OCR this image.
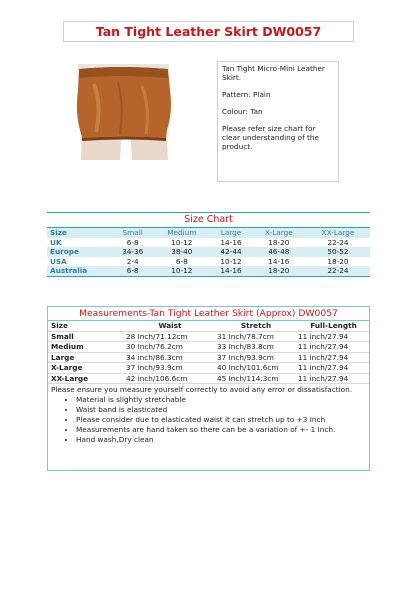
Tan Tight Leather Skirt DW0057

Tan Tight Micro-Mini Leather Skirt.

Pattern: Plain

Colour: Tan

Please refer size chart for clear understanding of the product.

Size Chart
Size	Small	Medium	Large	X-Large	XX-Large
UK	6-8	10-12	14-16	18-20	22-24
Europe	34-36	38-40	42-44	46-48	50-52
USA	2-4	6-8	10-12	14-16	18-20
Australia	6-8	10-12	14-16	18-20	22-24
Measurements-Tan Tight Leather Skirt (Approx) DW0057
Size	Waist	Stretch	Full-Length
Small	28 Inch/71.12cm	31 Inch/78.7cm	11 inch/27.94
Medium	30 Inch/76.2cm	33 Inch/83.8cm	11 inch/27.94
Large	34 inch/86.3cm	37 Inch/93.9cm	11 inch/27.94
X-Large	37 inch/93.9cm	40 Inch/101.6cm	11 inch/27.94
XX-Large	42 inch/106.6cm	45 Inch/114.3cm	11 inch/27.94
Please ensure you measure yourself correctly to avoid any error or dissatisfaction.
• Material is slightly stretchable
• Waist band is elasticated
• Please consider due to elasticated waist it can stretch up to +3 Inch
• Measurements are hand taken so there can be a variation of +- 1 Inch.
• Hand wash,Dry clean
